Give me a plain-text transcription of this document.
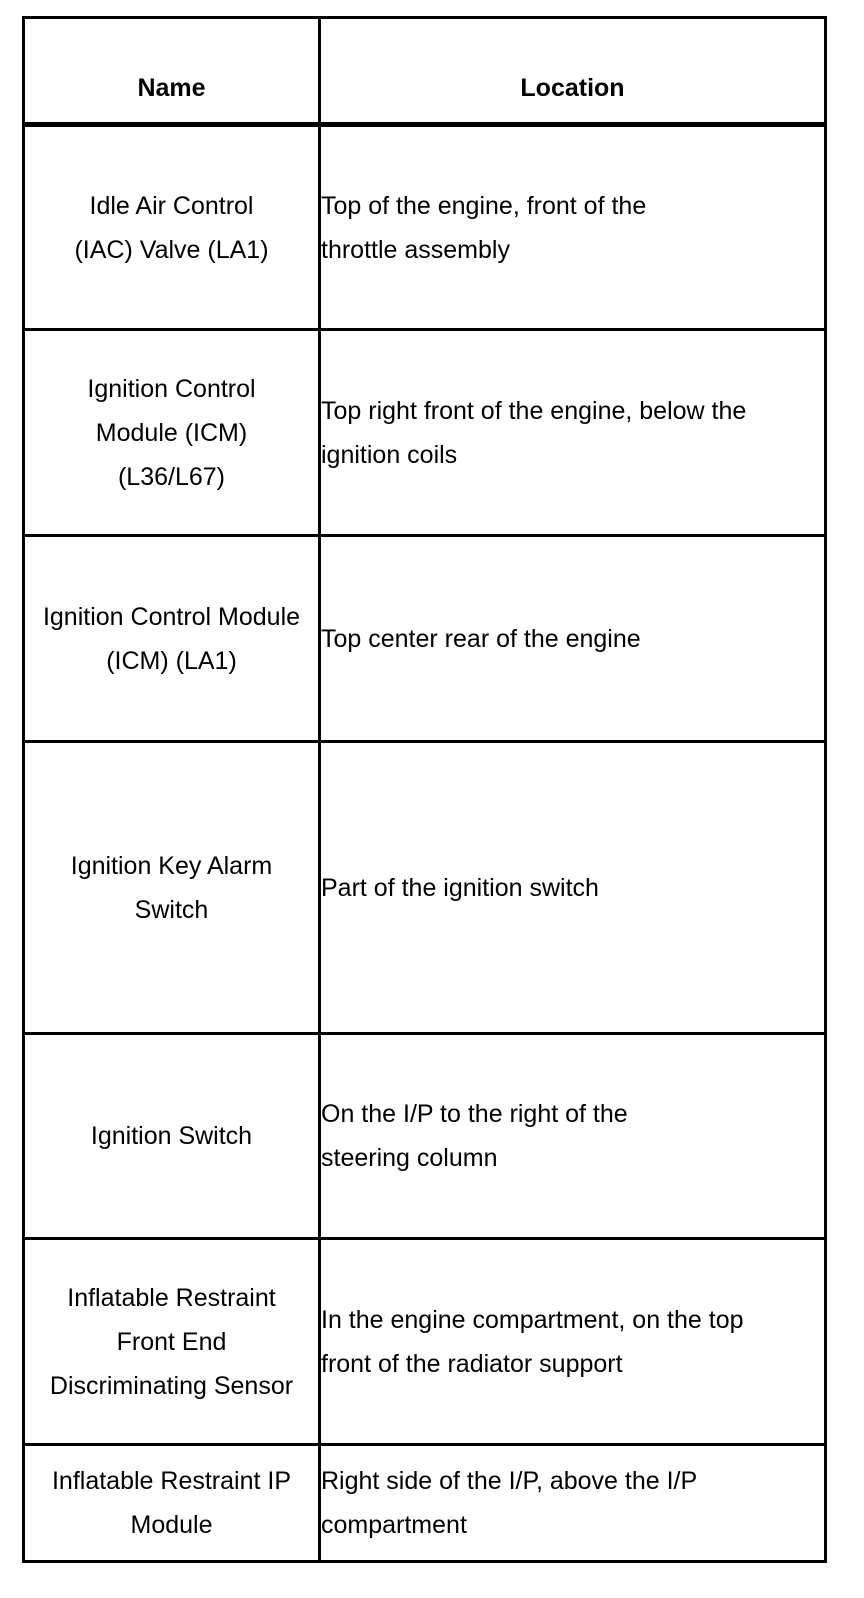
Name	Location

Idle Air Control (IAC) Valve (LA1)	Top of the engine, front of the throttle assembly
Ignition Control Module (ICM) (L36/L67)	Top right front of the engine, below the ignition coils
Ignition Control Module (ICM) (LA1)	Top center rear of the engine
Ignition Key Alarm Switch	Part of the ignition switch
Ignition Switch	On the I/P to the right of the steering column
Inflatable Restraint Front End Discriminating Sensor	In the engine compartment, on the top front of the radiator support
Inflatable Restraint IP Module	Right side of the I/P, above the I/P compartment
